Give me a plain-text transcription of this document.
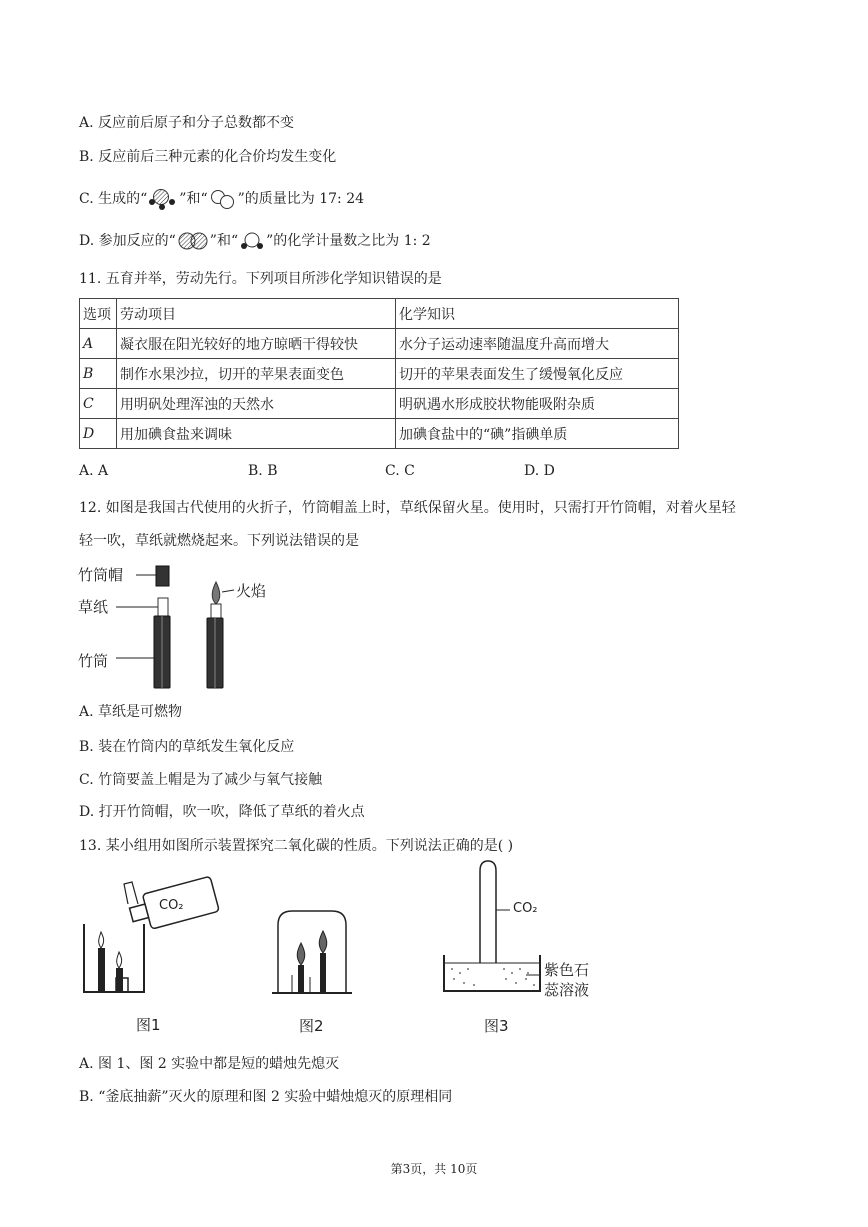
A. 反应前后原子和分子总数都不变
B. 反应前后三种元素的化合价均发生变化
C. 生成的“ ”和“ ”的质量比为 17: 24
D. 参加反应的“ ”和“ ”的化学计量数之比为 1: 2
11. 五育并举，劳动先行。下列项目所涉化学知识错误的是
选项	劳动项目	化学知识
A	凝衣服在阳光较好的地方晾晒干得较快	水分子运动速率随温度升高而增大
B	制作水果沙拉，切开的苹果表面变色	切开的苹果表面发生了缓慢氧化反应
C	用明矾处理浑浊的天然水	明矾遇水形成胶状物能吸附杂质
D	用加碘食盐来调味	加碘食盐中的“碘”指碘单质
A. A	B. B	C. C	D. D
12. 如图是我国古代使用的火折子，竹筒帽盖上时，草纸保留火星。使用时，只需打开竹筒帽，对着火星轻
轻一吹，草纸就燃烧起来。下列说法错误的是
竹筒帽
草纸
竹筒
火焰
A. 草纸是可燃物
B. 装在竹筒内的草纸发生氧化反应
C. 竹筒要盖上帽是为了减少与氧气接触
D. 打开竹筒帽，吹一吹，降低了草纸的着火点
13. 某小组用如图所示装置探究二氧化碳的性质。下列说法正确的是( )
CO₂
图1	图2
CO₂
紫色石
蕊溶液
图3
A. 图 1、图 2 实验中都是短的蜡烛先熄灭
B. “釜底抽薪”灭火的原理和图 2 实验中蜡烛熄灭的原理相同
第3页，共 10页
